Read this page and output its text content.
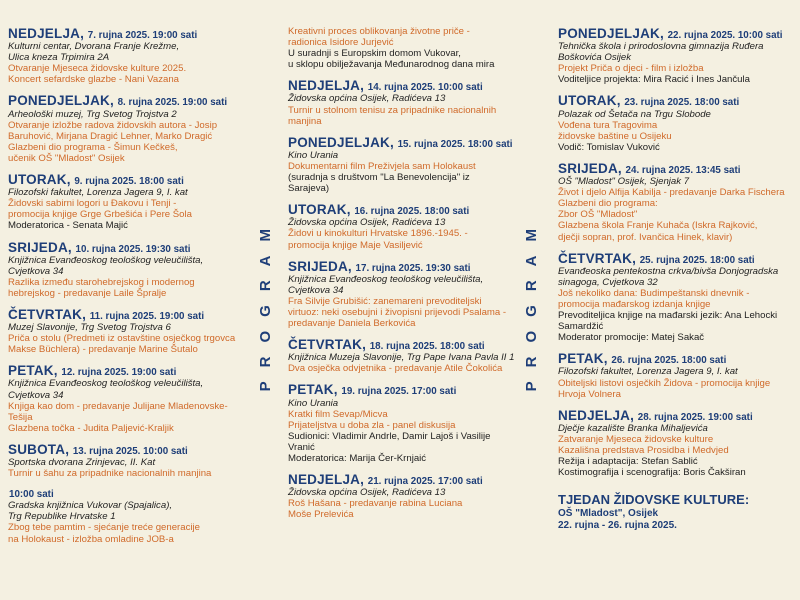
NEDJELJA, 7. rujna 2025. 19:00 sati
Kulturni centar, Dvorana Franje Krežme,
Ulica kneza Trpimira 2A
Otvaranje Mjeseca židovske kulture 2025.
Koncert sefardske glazbe - Nani Vazana
PONEDJELJAK, 8. rujna 2025. 19:00 sati
Arheološki muzej, Trg Svetog Trojstva 2
Otvaranje izložbe radova židovskih autora - Josip
Baruhović, Mirjana Dragić Lehner, Marko Dragić
Glazbeni dio programa - Šimun Kečkeš,
učenik OŠ "Mladost" Osijek
UTORAK, 9. rujna 2025. 18:00 sati
Filozofski fakultet, Lorenza Jagera 9, I. kat
Židovski sabirni logori u Đakovu i Tenji -
promocija knjige Grge Grbešića i Pere Šola
Moderatorica - Senata Majić
SRIJEDA, 10. rujna 2025. 19:30 sati
Knjižnica Evanđeoskog teološkog veleučilišta,
Cvjetkova 34
Razlika između starohebrejskog i modernog
hebrejskog - predavanje Laile Špralje
ČETVRTAK, 11. rujna 2025. 19:00 sati
Muzej Slavonije, Trg Svetog Trojstva 6
Priča o stolu (Predmeti iz ostavštine osječkog trgovca
Makse Büchlera) - predavanje Marine Šutalo
PETAK, 12. rujna 2025. 19:00 sati
Knjižnica Evanđeoskog teološkog veleučilišta,
Cvjetkova 34
Knjiga kao dom - predavanje Julijane Mladenovske-
Tešija
Glazbena točka - Judita Paljević-Kraljik
SUBOTA, 13. rujna 2025. 10:00 sati
Sportska dvorana Zrinjevac, II. Kat
Turnir u šahu za pripadnike nacionalnih manjina
10:00 sati
Gradska knjižnica Vukovar (Spajalica),
Trg Republike Hrvatske 1
Zbog tebe pamtim - sjećanje treće generacije
na Holokaust - izložba omladine JOB-a
PROGRAM
Kreativni proces oblikovanja životne priče -
radionica Isidore Jurjević
U suradnji s Europskim domom Vukovar,
u sklopu obilježavanja Međunarodnog dana mira
NEDJELJA, 14. rujna 2025. 10:00 sati
Židovska općina Osijek, Radićeva 13
Turnir u stolnom tenisu za pripadnike nacionalnih
manjina
PONEDJELJAK, 15. rujna 2025. 18:00 sati
Kino Urania
Dokumentarni film Preživjela sam Holokaust
(suradnja s društvom "La Benevolencija" iz
Sarajeva)
UTORAK, 16. rujna 2025. 18:00 sati
Židovska općina Osijek, Radićeva 13
Židovi u kinokulturi Hrvatske 1896.-1945. -
promocija knjige Maje Vasiljević
SRIJEDA, 17. rujna 2025. 19:30 sati
Knjižnica Evanđeoskog teološkog veleučilišta,
Cvjetkova 34
Fra Silvije Grubišić: zanemareni prevoditeljski
virtuoz: neki osebujni i živopisni prijevodi Psalama -
predavanje Daniela Berkovića
ČETVRTAK, 18. rujna 2025. 18:00 sati
Knjižnica Muzeja Slavonije, Trg Pape Ivana Pavla II 1
Dva osječka odvjetnika - predavanje Atile Čokolića
PETAK, 19. rujna 2025. 17:00 sati
Kino Urania
Kratki film Sevap/Micva
Prijateljstva u doba zla - panel diskusija
Sudionici: Vladimir Andrle, Damir Lajoš i Vasilije
Vranić
Moderatorica: Marija Čer-Krnjaić
NEDJELJA, 21. rujna 2025. 17:00 sati
Židovska općina Osijek, Radićeva 13
Roš Hašana - predavanje rabina Luciana
Moše Prelevića
PROGRAM
PONEDJELJAK, 22. rujna 2025. 10:00 sati
Tehnička škola i prirodoslovna gimnazija Ruđera
Boškovića Osijek
Projekt Priča o djeci - film i izložba
Voditeljice projekta: Mira Racić i Ines Jančula
UTORAK, 23. rujna 2025. 18:00 sati
Polazak od Šetača na Trgu Slobode
Vođena tura Tragovima
židovske baštine u Osijeku
Vodič: Tomislav Vuković
SRIJEDA, 24. rujna 2025. 13:45 sati
OŠ "Mladost" Osijek, Sjenjak 7
Život i djelo Alfija Kabilja - predavanje Darka Fischera
Glazbeni dio programa:
Zbor OŠ "Mladost"
Glazbena škola Franje Kuhača (Iskra Rajković,
dječji sopran, prof. Ivančica Hinek, klavir)
ČETVRTAK, 25. rujna 2025. 18:00 sati
Evanđeoska pentekostna crkva/bivša Donjogradska
sinagoga, Cvjetkova 32
Još nekoliko dana: Budimpeštanski dnevnik -
promocija mađarskog izdanja knjige
Prevoditeljica knjige na mađarski jezik: Ana Lehocki
Samardžić
Moderator promocije: Matej Sakač
PETAK, 26. rujna 2025. 18:00 sati
Filozofski fakultet, Lorenza Jagera 9, I. kat
Obiteljski listovi osječkih Židova - promocija knjige
Hrvoja Volnera
NEDJELJA, 28. rujna 2025. 19:00 sati
Dječje kazalište Branka Mihaljevića
Zatvaranje Mjeseca židovske kulture
Kazališna predstava Prosidba i Medvjed
Režija i adaptacija: Stefan Sablić
Kostimografija i scenografija: Boris Čakširan
TJEDAN ŽIDOVSKE KULTURE:
OŠ "Mladost", Osijek
22. rujna - 26. rujna 2025.
